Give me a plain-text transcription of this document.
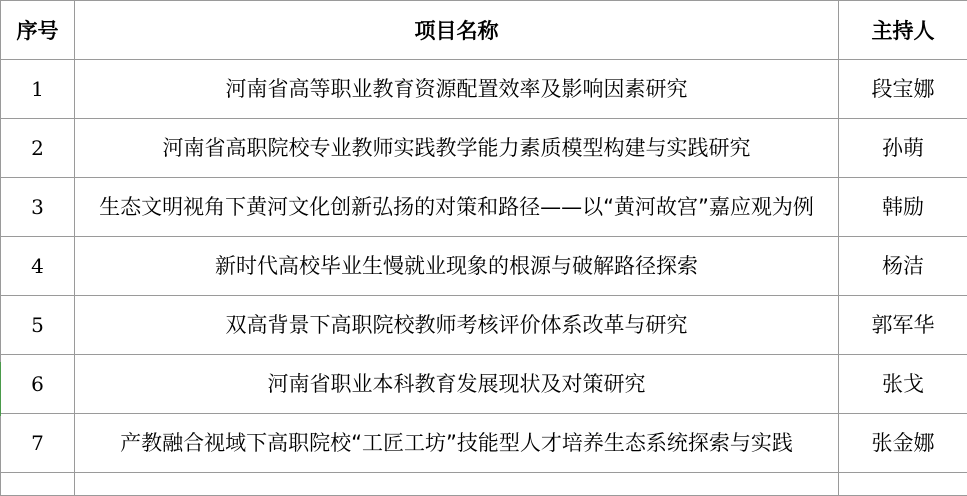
序号	项目名称	主持人
1	河南省高等职业教育资源配置效率及影响因素研究	段宝娜
2	河南省高职院校专业教师实践教学能力素质模型构建与实践研究	孙萌
3	生态文明视角下黄河文化创新弘扬的对策和路径——以“黄河故宫”嘉应观为例	韩励
4	新时代高校毕业生慢就业现象的根源与破解路径探索	杨洁
5	双高背景下高职院校教师考核评价体系改革与研究	郭军华
6	河南省职业本科教育发展现状及对策研究	张戈
7	产教融合视域下高职院校“工匠工坊”技能型人才培养生态系统探索与实践	张金娜
